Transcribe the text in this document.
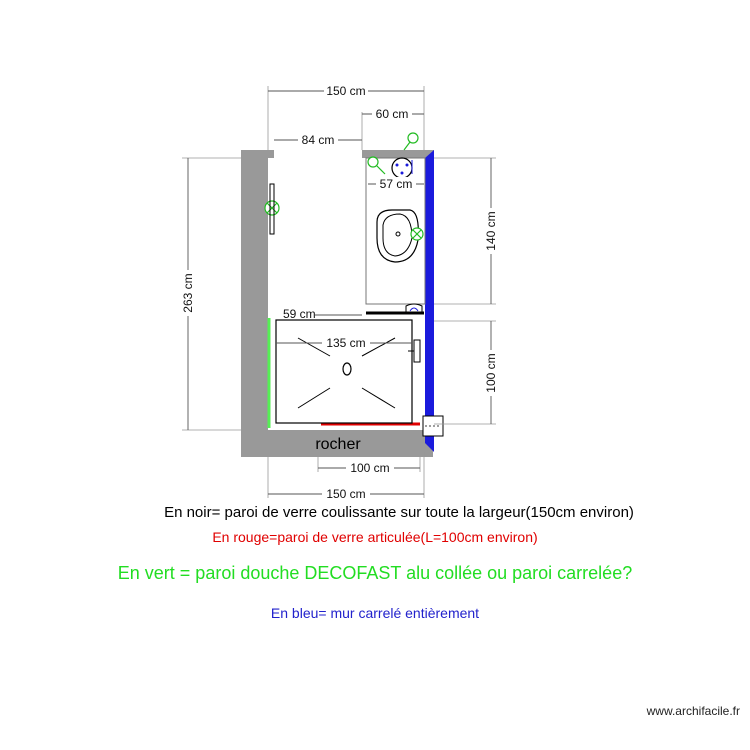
150 cm
60 cm
84 cm
263 cm
140 cm
100 cm
57 cm
59 cm
135 cm
100 cm
150 cm
rocher
En noir= paroi de verre coulissante sur toute la largeur(150cm environ)
En rouge=paroi de verre articulée(L=100cm environ)
En vert = paroi douche DECOFAST alu collée ou paroi carrelée?
En bleu= mur carrelé entièrement
www.archifacile.fr
